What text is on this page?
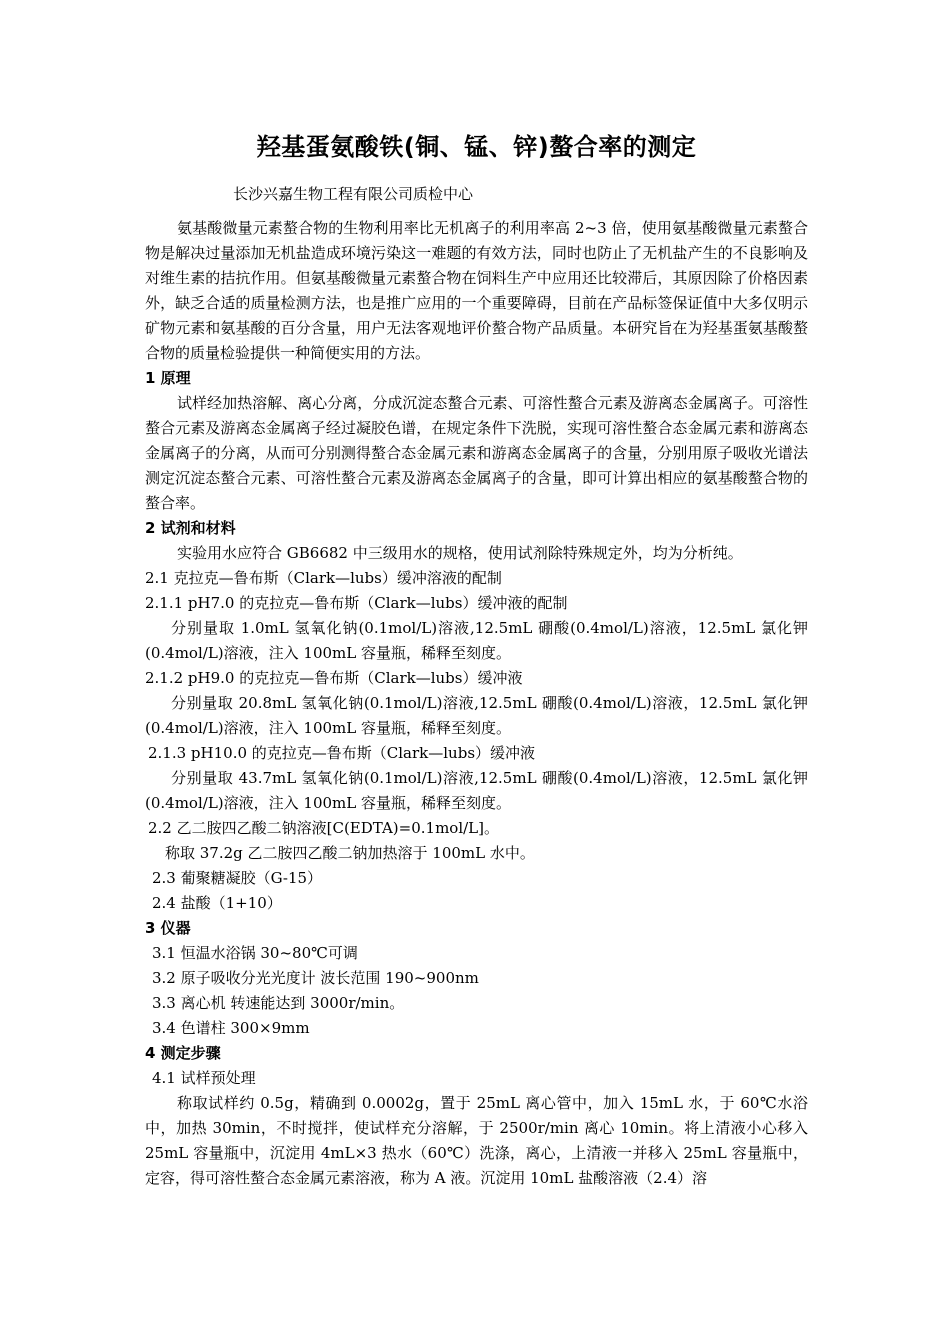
羟基蛋氨酸铁(铜、锰、锌)螯合率的测定
长沙兴嘉生物工程有限公司质检中心

氨基酸微量元素螯合物的生物利用率比无机离子的利用率高 2~3 倍，使用氨基酸微量元素螯合物是解决过量添加无机盐造成环境污染这一难题的有效方法，同时也防止了无机盐产生的不良影响及对维生素的拮抗作用。但氨基酸微量元素螯合物在饲料生产中应用还比较滞后，其原因除了价格因素外，缺乏合适的质量检测方法，也是推广应用的一个重要障碍，目前在产品标签保证值中大多仅明示矿物元素和氨基酸的百分含量，用户无法客观地评价螯合物产品质量。本研究旨在为羟基蛋氨基酸螯合物的质量检验提供一种简便实用的方法。

1 原理

试样经加热溶解、离心分离，分成沉淀态螯合元素、可溶性螯合元素及游离态金属离子。可溶性螯合元素及游离态金属离子经过凝胶色谱，在规定条件下洗脱，实现可溶性螯合态金属元素和游离态金属离子的分离，从而可分别测得螯合态金属元素和游离态金属离子的含量，分别用原子吸收光谱法测定沉淀态螯合元素、可溶性螯合元素及游离态金属离子的含量，即可计算出相应的氨基酸螯合物的螯合率。

2 试剂和材料

实验用水应符合 GB6682 中三级用水的规格，使用试剂除特殊规定外，均为分析纯。

2.1 克拉克—鲁布斯（Clark—lubs）缓冲溶液的配制
2.1.1 pH7.0 的克拉克—鲁布斯（Clark—lubs）缓冲液的配制

分别量取 1.0mL 氢氧化钠(0.1mol/L)溶液,12.5mL 硼酸(0.4mol/L)溶液，12.5mL 氯化钾(0.4mol/L)溶液，注入 100mL 容量瓶，稀释至刻度。

2.1.2 pH9.0 的克拉克—鲁布斯（Clark—lubs）缓冲液

分别量取 20.8mL 氢氧化钠(0.1mol/L)溶液,12.5mL 硼酸(0.4mol/L)溶液，12.5mL 氯化钾(0.4mol/L)溶液，注入 100mL 容量瓶，稀释至刻度。

2.1.3 pH10.0 的克拉克—鲁布斯（Clark—lubs）缓冲液

分别量取 43.7mL 氢氧化钠(0.1mol/L)溶液,12.5mL 硼酸(0.4mol/L)溶液，12.5mL 氯化钾(0.4mol/L)溶液，注入 100mL 容量瓶，稀释至刻度。

2.2 乙二胺四乙酸二钠溶液[C(EDTA)=0.1mol/L]。
称取 37.2g 乙二胺四乙酸二钠加热溶于 100mL 水中。
2.3 葡聚糖凝胶（G-15）
2.4 盐酸（1+10）
3 仪器
3.1 恒温水浴锅 30~80℃可调
3.2 原子吸收分光光度计 波长范围 190~900nm
3.3 离心机 转速能达到 3000r/min。
3.4 色谱柱 300×9mm
4 测定步骤
4.1 试样预处理

称取试样约 0.5g，精确到 0.0002g，置于 25mL 离心管中，加入 15mL 水，于 60℃水浴中，加热 30min，不时搅拌，使试样充分溶解，于 2500r/min 离心 10min。将上清液小心移入 25mL 容量瓶中，沉淀用 4mL×3 热水（60℃）洗涤，离心，上清液一并移入 25mL 容量瓶中，定容，得可溶性螯合态金属元素溶液，称为 A 液。沉淀用 10mL 盐酸溶液（2.4）溶
